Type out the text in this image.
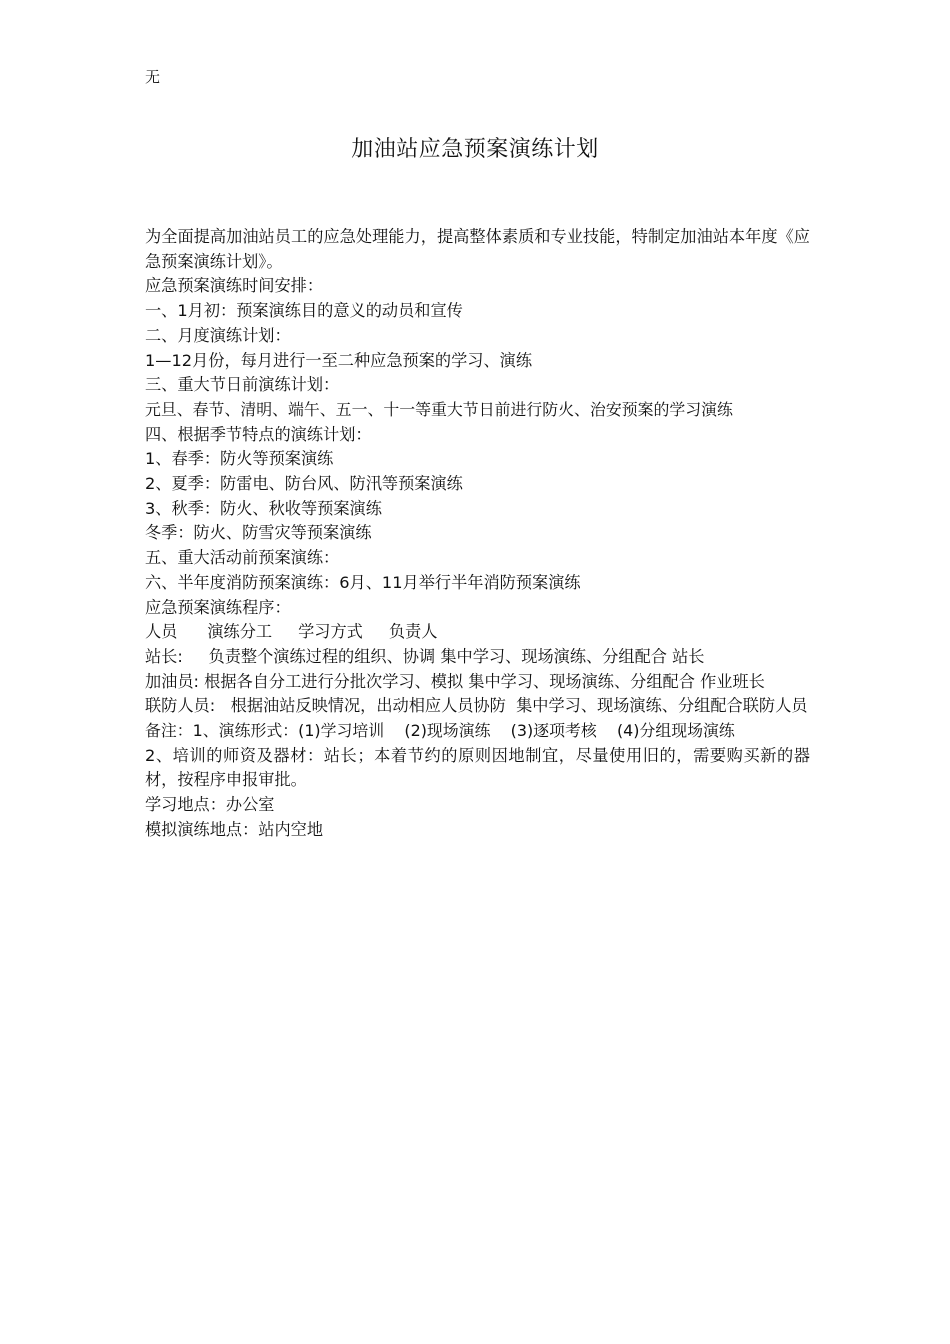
无
加油站应急预案演练计划
为全面提高加油站员工的应急处理能力，提高整体素质和专业技能，特制定加油站本年度《应急预案演练计划》。
应急预案演练时间安排：
一、1月初：预案演练目的意义的动员和宣传
二、月度演练计划：
1—12月份，每月进行一至二种应急预案的学习、演练
三、重大节日前演练计划：
元旦、春节、清明、端午、五一、十一等重大节日前进行防火、治安预案的学习演练
四、根据季节特点的演练计划：
1、春季：防火等预案演练
2、夏季：防雷电、防台风、防汛等预案演练
3、秋季：防火、秋收等预案演练
冬季：防火、防雪灾等预案演练
五、重大活动前预案演练：
六、半年度消防预案演练：6月、11月举行半年消防预案演练
应急预案演练程序：
人员 演练分工 学习方式 负责人
站长:     负责整个演练过程的组织、协调 集中学习、现场演练、分组配合 站长
加油员: 根据各自分工进行分批次学习、模拟 集中学习、现场演练、分组配合 作业班长
联防人员:   根据油站反映情况，出动相应人员协防  集中学习、现场演练、分组配合联防人员
备注：1、演练形式：(1)学习培训    (2)现场演练    (3)逐项考核    (4)分组现场演练
2、培训的师资及器材：站长；本着节约的原则因地制宜，尽量使用旧的，需要购买新的器材，按程序申报审批。
学习地点：办公室
模拟演练地点：站内空地
